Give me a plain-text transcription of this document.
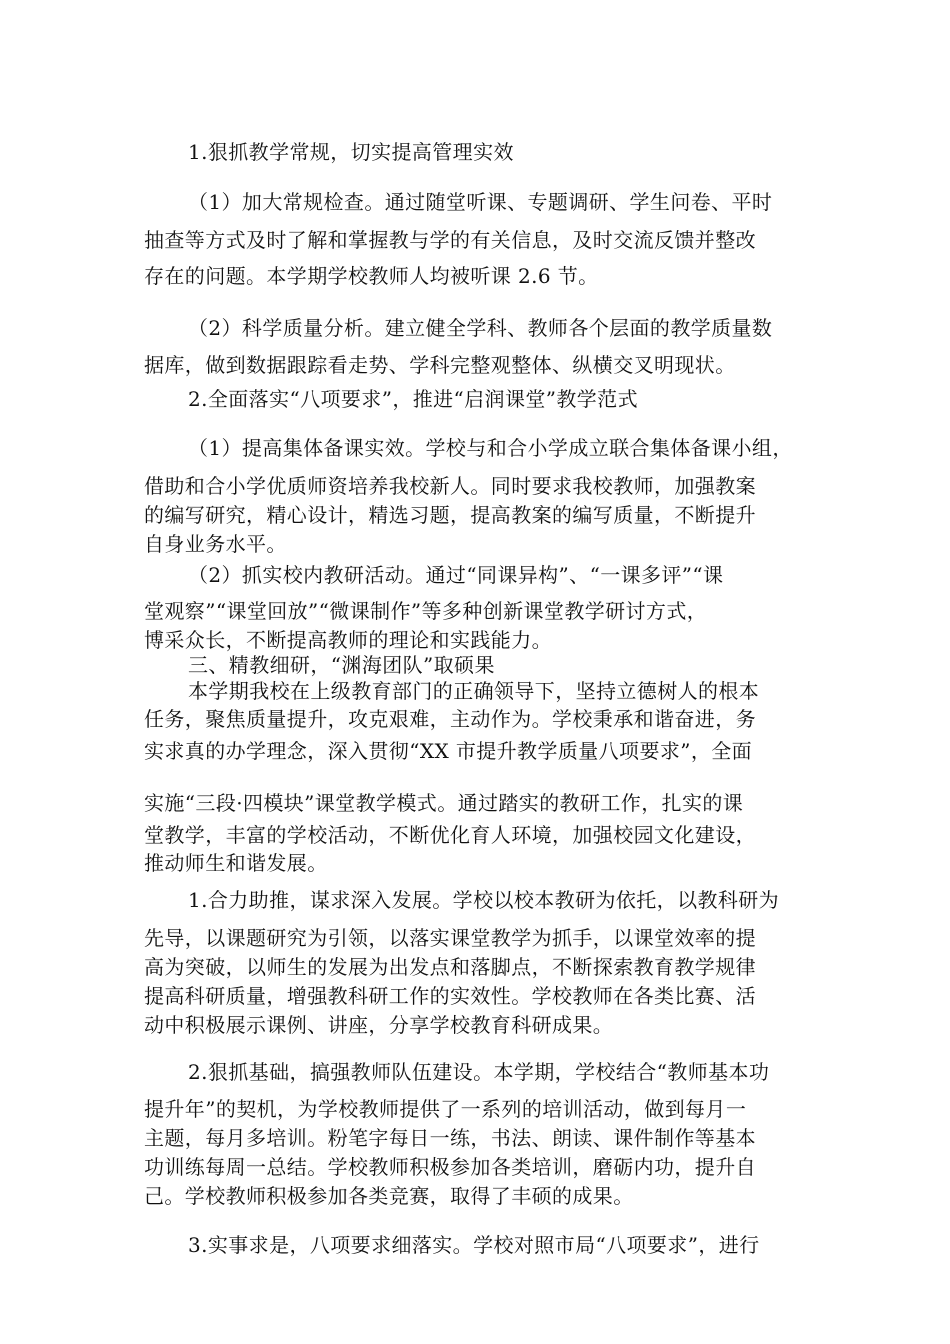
1.狠抓教学常规，切实提高管理实效
（1）加大常规检查。通过随堂听课、专题调研、学生问卷、平时
抽查等方式及时了解和掌握教与学的有关信息，及时交流反馈并整改
存在的问题。本学期学校教师人均被听课 2.6 节。
（2）科学质量分析。建立健全学科、教师各个层面的教学质量数
据库，做到数据跟踪看走势、学科完整观整体、纵横交叉明现状。
2.全面落实“八项要求”，推进“启润课堂”教学范式
（1）提高集体备课实效。学校与和合小学成立联合集体备课小组，
借助和合小学优质师资培养我校新人。同时要求我校教师，加强教案
的编写研究，精心设计，精选习题，提高教案的编写质量，不断提升
自身业务水平。
（2）抓实校内教研活动。通过“同课异构”、“一课多评”“课
堂观察”“课堂回放”“微课制作”等多种创新课堂教学研讨方式，
博采众长，不断提高教师的理论和实践能力。
三、精教细研，“渊海团队”取硕果
本学期我校在上级教育部门的正确领导下，坚持立德树人的根本
任务，聚焦质量提升，攻克艰难，主动作为。学校秉承和谐奋进，务
实求真的办学理念，深入贯彻“XX 市提升教学质量八项要求”，全面
实施“三段·四模块”课堂教学模式。通过踏实的教研工作，扎实的课
堂教学，丰富的学校活动，不断优化育人环境，加强校园文化建设，
推动师生和谐发展。
1.合力助推，谋求深入发展。学校以校本教研为依托，以教科研为
先导，以课题研究为引领，以落实课堂教学为抓手，以课堂效率的提
高为突破，以师生的发展为出发点和落脚点，不断探索教育教学规律
提高科研质量，增强教科研工作的实效性。学校教师在各类比赛、活
动中积极展示课例、讲座，分享学校教育科研成果。
2.狠抓基础，搞强教师队伍建设。本学期，学校结合“教师基本功
提升年”的契机，为学校教师提供了一系列的培训活动，做到每月一
主题，每月多培训。粉笔字每日一练，书法、朗读、课件制作等基本
功训练每周一总结。学校教师积极参加各类培训，磨砺内功，提升自
己。学校教师积极参加各类竞赛，取得了丰硕的成果。
3.实事求是，八项要求细落实。学校对照市局“八项要求”，进行
